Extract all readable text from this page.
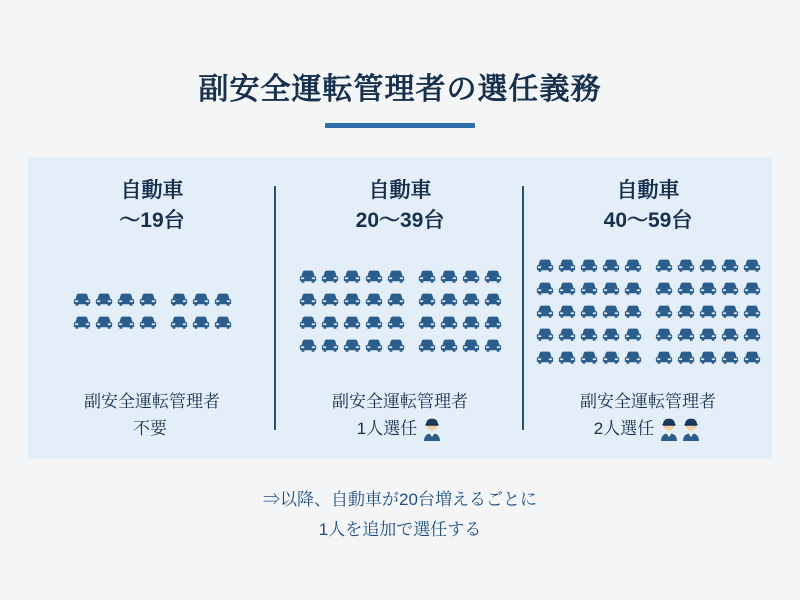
副安全運転管理者の選任義務
自動車
〜19台
副安全運転管理者
不要
自動車
20〜39台
副安全運転管理者
1人選任
自動車
40〜59台
副安全運転管理者
2人選任
⇒以降、自動車が20台増えるごとに
1人を追加で選任する
